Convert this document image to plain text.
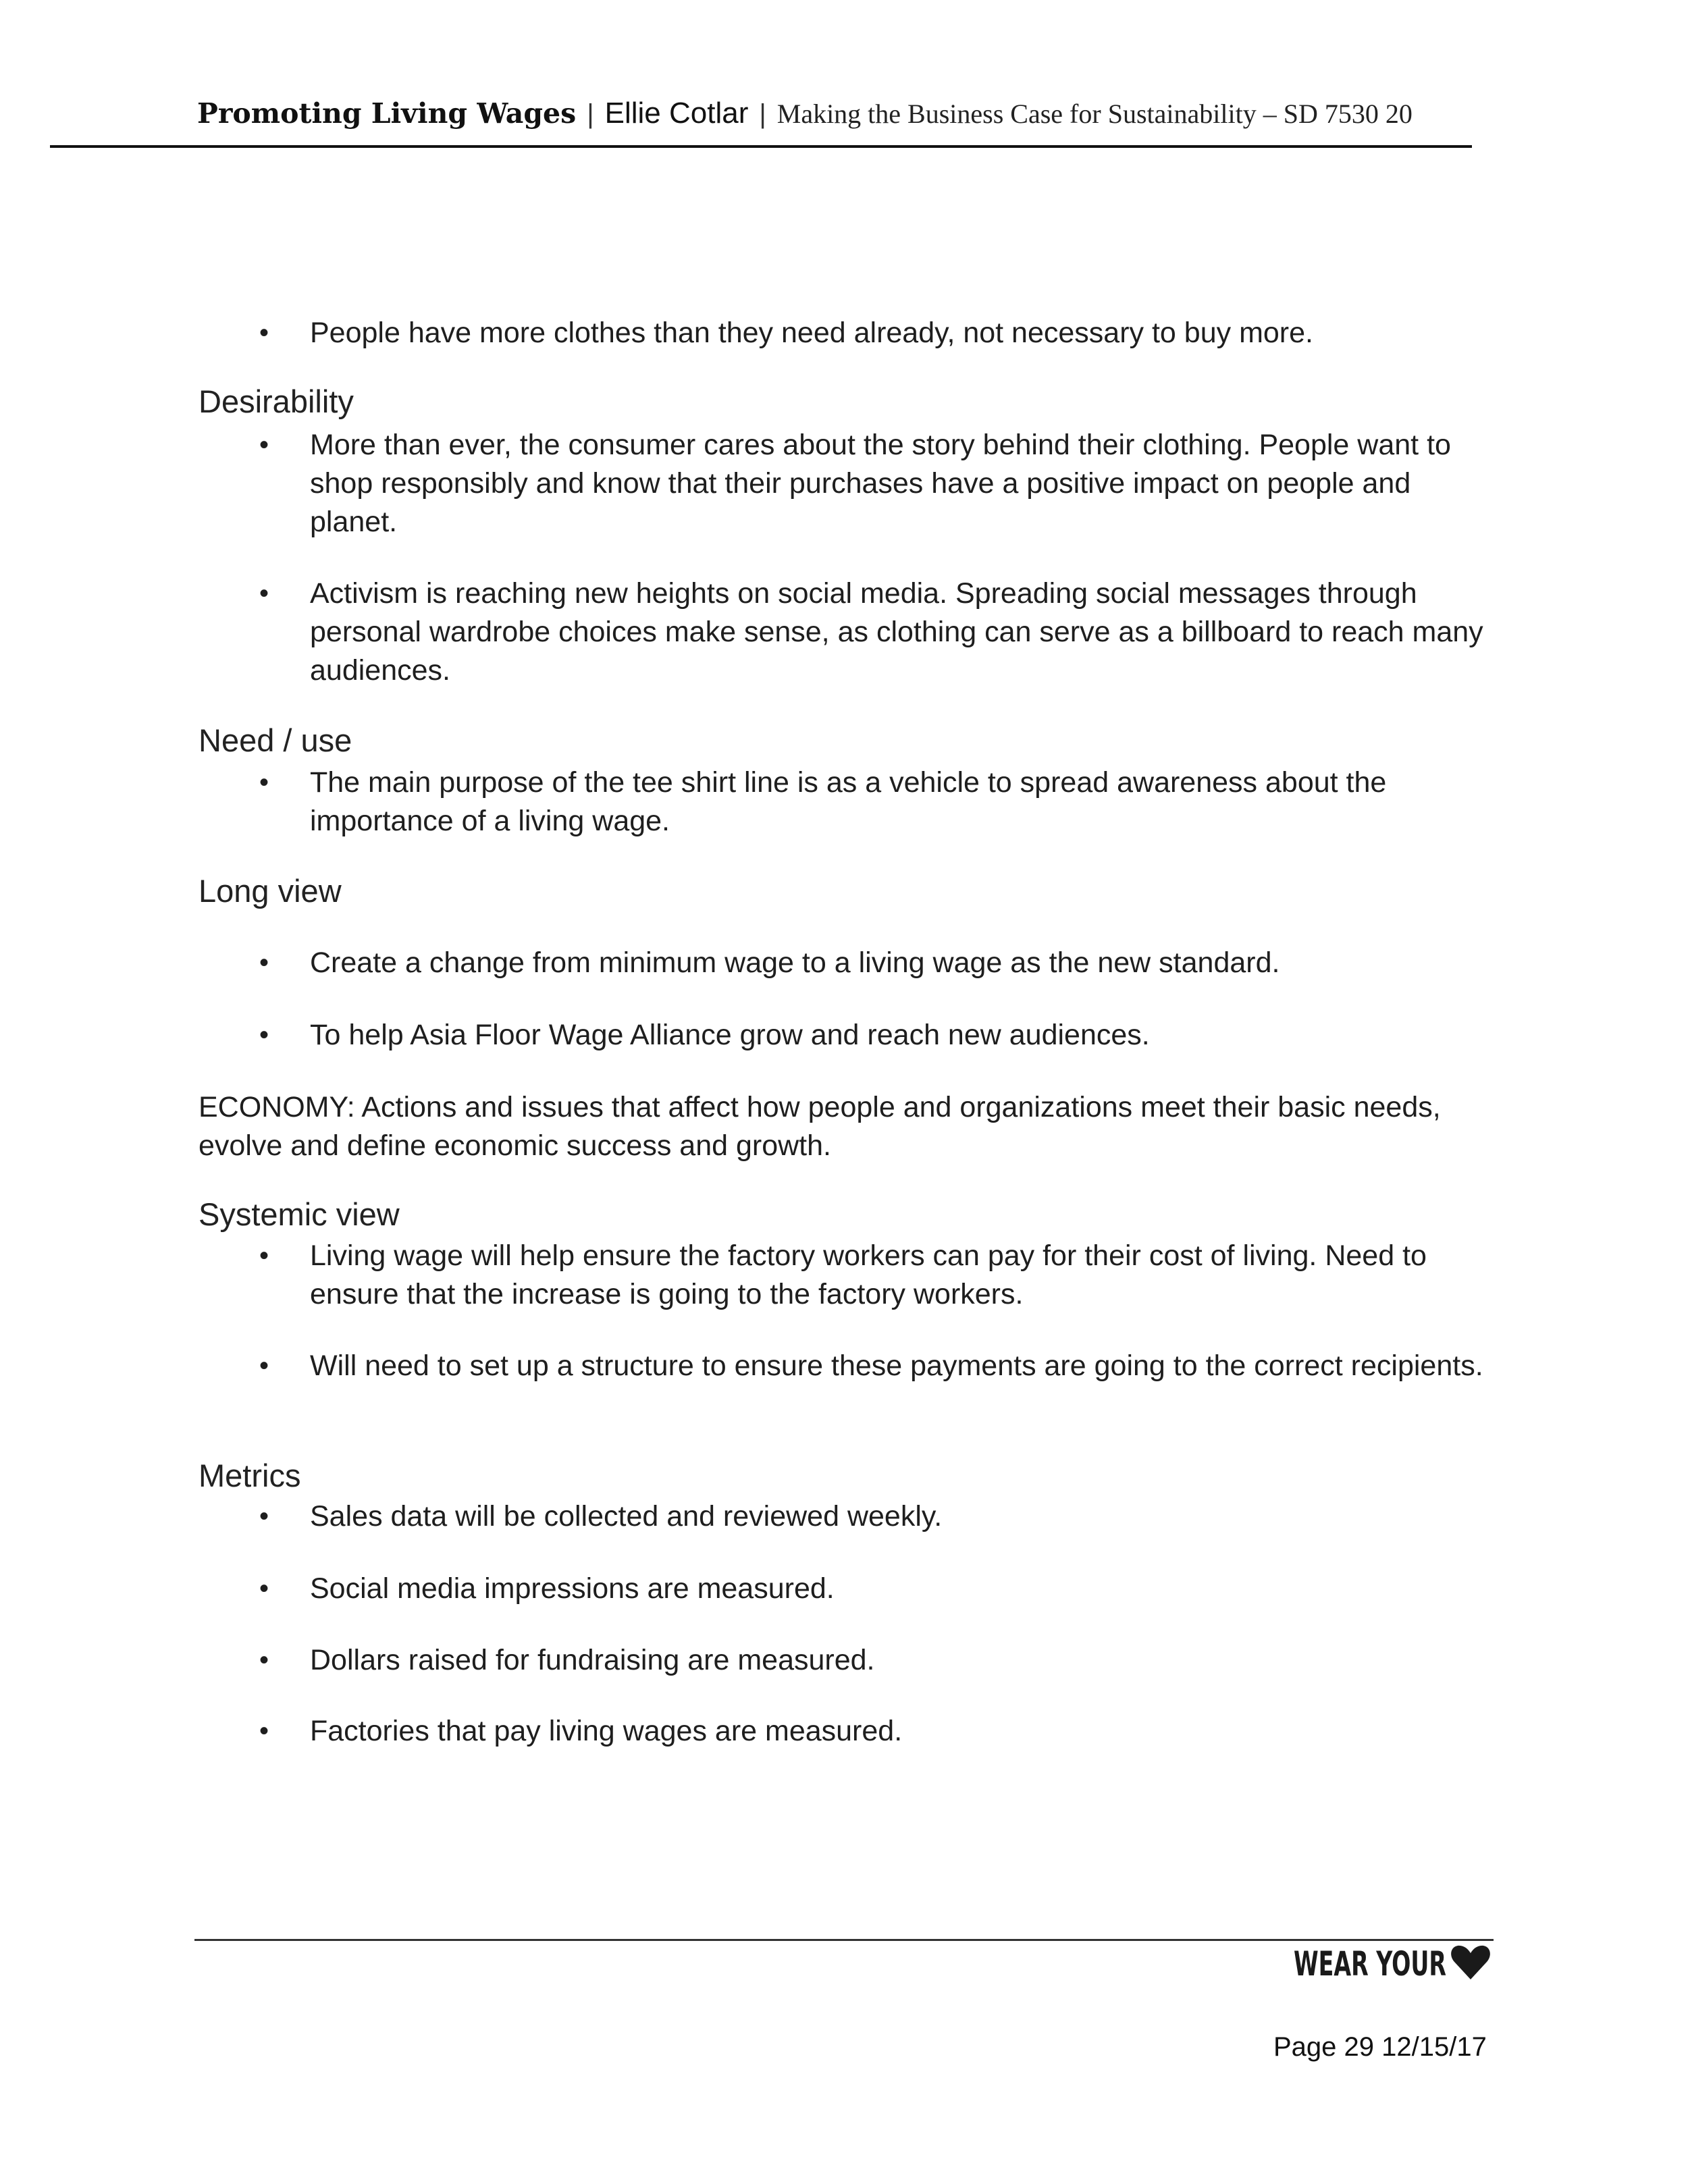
Promoting Living Wages | Ellie Cotlar | Making the Business Case for Sustainability – SD 7530 20
•	People have more clothes than they need already, not necessary to buy more.
Desirability
•	More than ever, the consumer cares about the story behind their clothing. People want to shop responsibly and know that their purchases have a positive impact on people and planet.
•	Activism is reaching new heights on social media. Spreading social messages through personal wardrobe choices make sense, as clothing can serve as a billboard to reach many audiences.
Need / use
•	The main purpose of the tee shirt line is as a vehicle to spread awareness about the importance of a living wage.
Long view
•	Create a change from minimum wage to a living wage as the new standard.
•	To help Asia Floor Wage Alliance grow and reach new audiences.
ECONOMY: Actions and issues that affect how people and organizations meet their basic needs, evolve and define economic success and growth.
Systemic view
•	Living wage will help ensure the factory workers can pay for their cost of living. Need to ensure that the increase is going to the factory workers.
•	Will need to set up a structure to ensure these payments are going to the correct recipients.
Metrics
•	Sales data will be collected and reviewed weekly.
•	Social media impressions are measured.
•	Dollars raised for fundraising are measured.
•	Factories that pay living wages are measured.
WEAR YOUR
Page 29 12/15/17
